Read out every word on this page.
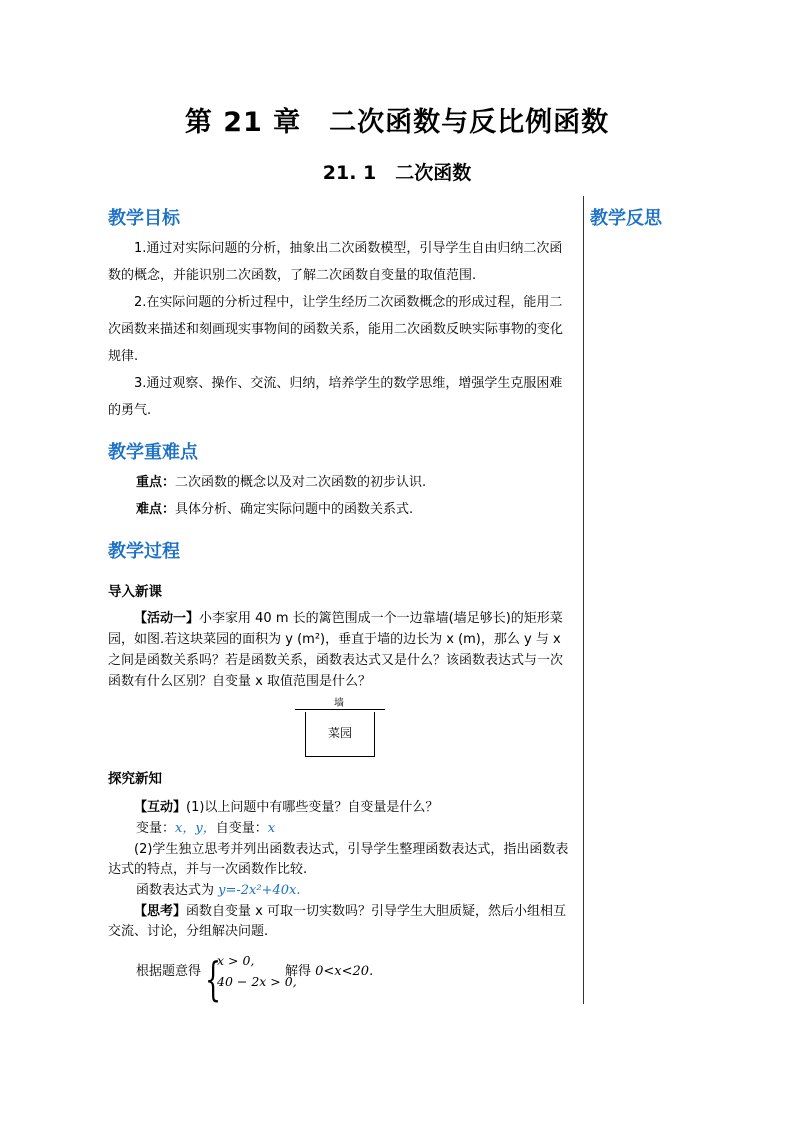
第 21 章　二次函数与反比例函数
21. 1　二次函数
教学反思
教学目标

1.通过对实际问题的分析，抽象出二次函数模型，引导学生自由归纳二次函数的概念，并能识别二次函数，了解二次函数自变量的取值范围.

2.在实际问题的分析过程中，让学生经历二次函数概念的形成过程，能用二次函数来描述和刻画现实事物间的函数关系，能用二次函数反映实际事物的变化规律.

3.通过观察、操作、交流、归纳，培养学生的数学思维，增强学生克服困难的勇气.

教学重难点
重点：二次函数的概念以及对二次函数的初步认识.
难点：具体分析、确定实际问题中的函数关系式.
教学过程
导入新课
【活动一】小李家用 40 m 长的篱笆围成一个一边靠墙(墙足够长)的矩形菜园，如图.若这块菜园的面积为 y (m²)，垂直于墙的边长为 x (m)，那么 y 与 x 之间是函数关系吗？若是函数关系，函数表达式又是什么？该函数表达式与一次函数有什么区别？自变量 x 取值范围是什么？
墙
菜园
探究新知
【互动】(1)以上问题中有哪些变量？自变量是什么？
变量：x，y，自变量：x
(2)学生独立思考并列出函数表达式，引导学生整理函数表达式，指出函数表达式的特点，并与一次函数作比较.
函数表达式为 y=-2x²+40x.
【思考】函数自变量 x 可取一切实数吗？引导学生大胆质疑，然后小组相互交流、讨论，分组解决问题.
根据题意得 {
x > 0,
40 − 2x > 0,
解得 0<x<20.
